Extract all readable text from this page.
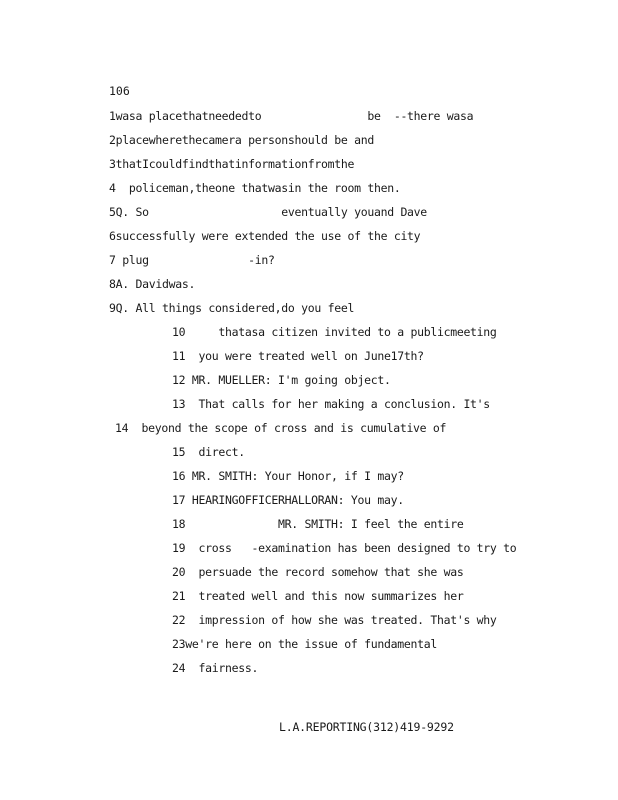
106
1wasa placethatneededto                be  --there wasa
2placewherethecamera personshould be and
3thatIcouldfindthatinformationfromthe
4  policeman,theone thatwasin the room then.
5Q. So                    eventually youand Dave
6successfully were extended the use of the city
7 plug               -in?
8A. Davidwas.
9Q. All things considered,do you feel
10     thatasa citizen invited to a publicmeeting
11  you were treated well on June17th?
12 MR. MUELLER: I'm going object.
13  That calls for her making a conclusion. It's
14  beyond the scope of cross and is cumulative of
15  direct.
16 MR. SMITH: Your Honor, if I may?
17 HEARINGOFFICERHALLORAN: You may.
18              MR. SMITH: I feel the entire
19  cross   -examination has been designed to try to
20  persuade the record somehow that she was
21  treated well and this now summarizes her
22  impression of how she was treated. That's why
23we're here on the issue of fundamental
24  fairness.
L.A.REPORTING(312)419-9292
